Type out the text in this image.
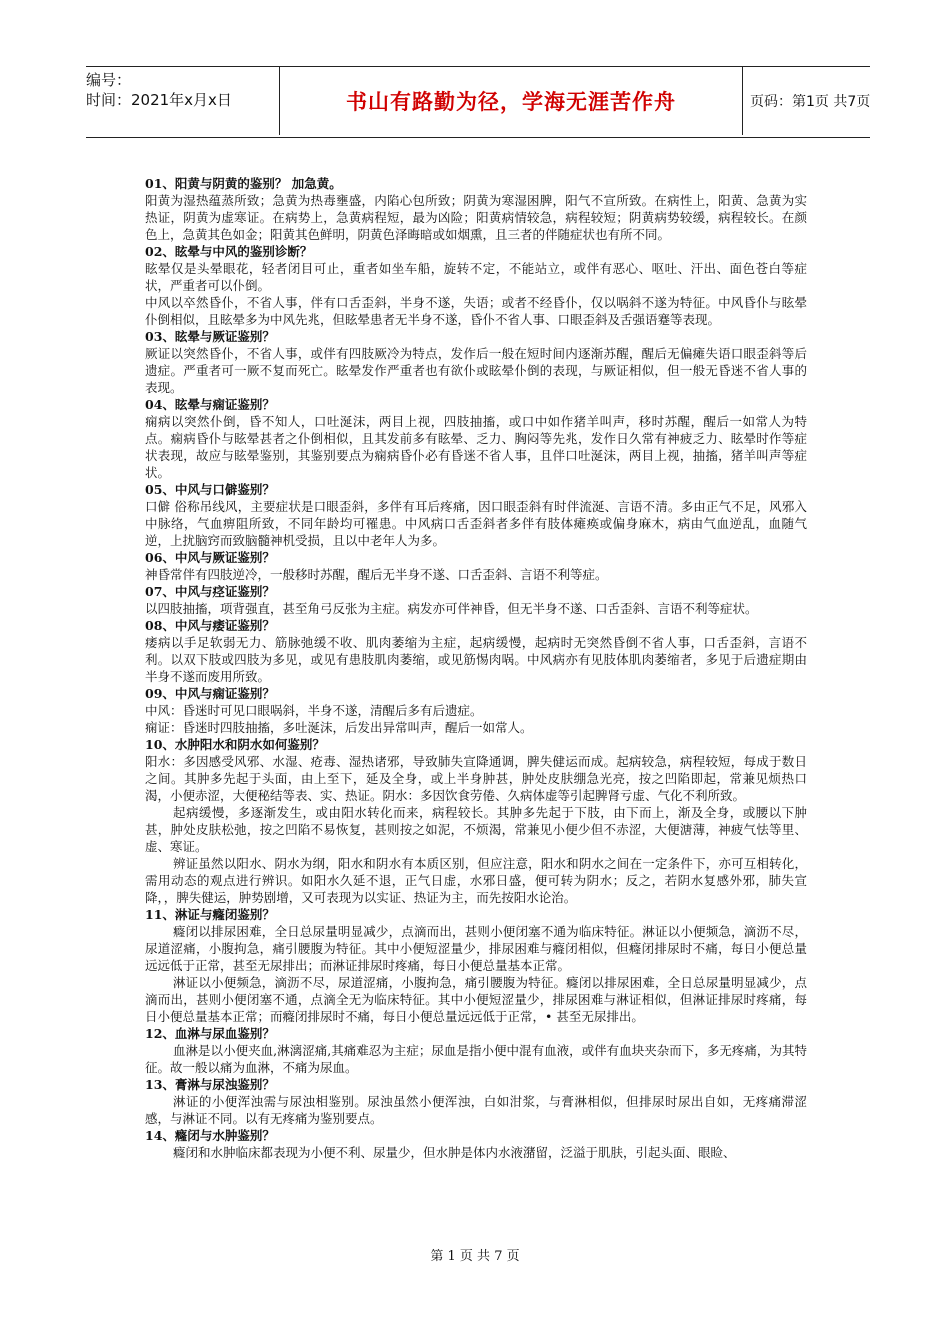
编号：
时间：2021年x月x日	书山有路勤为径，学海无涯苦作舟	页码：第1页 共7页
01、阳黄与阴黄的鉴别？ 加急黄。
阳黄为湿热蕴蒸所致；急黄为热毒壅盛，内陷心包所致；阴黄为寒湿困脾，阳气不宣所致。在病性上，阳黄、急黄为实热证，阴黄为虚寒证。在病势上，急黄病程短，最为凶险；阳黄病情较急，病程较短；阴黄病势较缓，病程较长。在颜色上，急黄其色如金；阳黄其色鲜明，阴黄色泽晦暗或如烟熏，且三者的伴随症状也有所不同。
02、眩晕与中风的鉴别诊断？
眩晕仅是头晕眼花，轻者闭目可止，重者如坐车船，旋转不定，不能站立，或伴有恶心、呕吐、汗出、面色苍白等症状，严重者可以仆倒。
中风以卒然昏仆，不省人事，伴有口舌歪斜，半身不遂，失语；或者不经昏仆，仅以㖞斜不遂为特征。中风昏仆与眩晕仆倒相似，且眩晕多为中风先兆，但眩晕患者无半身不遂，昏仆不省人事、口眼歪斜及舌强语蹇等表现。
03、眩晕与厥证鉴别？
厥证以突然昏仆，不省人事，或伴有四肢厥冷为特点，发作后一般在短时间内逐渐苏醒，醒后无偏瘫失语口眼歪斜等后遗症。严重者可一厥不复而死亡。眩晕发作严重者也有欲仆或眩晕仆倒的表现，与厥证相似，但一般无昏迷不省人事的表现。
04、眩晕与痫证鉴别？
痫病以突然仆倒，昏不知人，口吐涎沫，两目上视，四肢抽搐，或口中如作猪羊叫声，移时苏醒，醒后一如常人为特点。痫病昏仆与眩晕甚者之仆倒相似，且其发前多有眩晕、乏力、胸闷等先兆，发作日久常有神疲乏力、眩晕时作等症状表现，故应与眩晕鉴别，其鉴别要点为痫病昏仆必有昏迷不省人事，且伴口吐涎沫，两目上视，抽搐，猪羊叫声等症状。
05、中风与口僻鉴别？
口僻 俗称吊线风，主要症状是口眼歪斜，多伴有耳后疼痛，因口眼歪斜有时伴流涎、言语不清。多由正气不足，风邪入中脉络，气血痹阻所致，不同年龄均可罹患。中风病口舌歪斜者多伴有肢体瘫痪或偏身麻木，病由气血逆乱，血随气逆，上扰脑窍而致脑髓神机受损，且以中老年人为多。
06、中风与厥证鉴别？
神昏常伴有四肢逆冷，一般移时苏醒，醒后无半身不遂、口舌歪斜、言语不利等症。
07、中风与痉证鉴别？
以四肢抽搐，项背强直，甚至角弓反张为主症。病发亦可伴神昏，但无半身不遂、口舌歪斜、言语不利等症状。
08、中风与痿证鉴别？
痿病以手足软弱无力、筋脉弛缓不收、肌肉萎缩为主症，起病缓慢，起病时无突然昏倒不省人事，口舌歪斜，言语不利。以双下肢或四肢为多见，或见有患肢肌肉萎缩，或见筋惕肉㖞。中风病亦有见肢体肌肉萎缩者，多见于后遗症期由半身不遂而废用所致。
09、中风与痫证鉴别？
中风：昏迷时可见口眼㖞斜，半身不遂，清醒后多有后遗症。
痫证：昏迷时四肢抽搐，多吐涎沫，后发出异常叫声，醒后一如常人。
10、水肿阳水和阴水如何鉴别？
阳水：多因感受风邪、水湿、疮毒、湿热诸邪，导致肺失宣降通调，脾失健运而成。起病较急，病程较短，每成于数日之间。其肿多先起于头面，由上至下，延及全身，或上半身肿甚，肿处皮肤绷急光亮，按之凹陷即起，常兼见烦热口渴，小便赤涩，大便秘结等表、实、热证。阴水：多因饮食劳倦、久病体虚等引起脾肾亏虚、气化不利所致。
起病缓慢，多逐渐发生，或由阳水转化而来，病程较长。其肿多先起于下肢，由下而上，渐及全身，或腰以下肿甚，肿处皮肤松弛，按之凹陷不易恢复，甚则按之如泥，不烦渴，常兼见小便少但不赤涩，大便溏薄，神疲气怯等里、虚、寒证。
辨证虽然以阳水、阴水为纲，阳水和阴水有本质区别，但应注意，阳水和阴水之间在一定条件下，亦可互相转化，需用动态的观点进行辨识。如阳水久延不退，正气日虚，水邪日盛，便可转为阴水；反之，若阴水复感外邪，肺失宣降，，脾失健运，肿势剧增，又可表现为以实证、热证为主，而先按阳水论治。
11、淋证与癃闭鉴别？
癃闭以排尿困难，全日总尿量明显减少，点滴而出，甚则小便闭塞不通为临床特征。淋证以小便频急，滴沥不尽，尿道涩痛，小腹拘急，痛引腰腹为特征。其中小便短涩量少，排尿困难与癃闭相似，但癃闭排尿时不痛，每日小便总量远远低于正常，甚至无尿排出；而淋证排尿时疼痛，每日小便总量基本正常。
淋证以小便频急，滴沥不尽，尿道涩痛，小腹拘急，痛引腰腹为特征。癃闭以排尿困难，全日总尿量明显减少，点滴而出，甚则小便闭塞不通，点滴全无为临床特征。其中小便短涩量少，排尿困难与淋证相似，但淋证排尿时疼痛，每日小便总量基本正常；而癃闭排尿时不痛，每日小便总量远远低于正常，• 甚至无尿排出。
12、血淋与尿血鉴别？
血淋是以小便夹血,淋漓涩痛,其痛难忍为主症；尿血是指小便中混有血液，或伴有血块夹杂而下，多无疼痛，为其特征。故一般以痛为血淋，不痛为尿血。
13、膏淋与尿浊鉴别？
淋证的小便浑浊需与尿浊相鉴别。尿浊虽然小便浑浊，白如泔浆，与膏淋相似，但排尿时尿出自如，无疼痛滞涩感，与淋证不同。以有无疼痛为鉴别要点。
14、癃闭与水肿鉴别？
癃闭和水肿临床都表现为小便不利、尿量少，但水肿是体内水液潴留，泛溢于肌肤，引起头面、眼睑、
第 1 页 共 7 页
